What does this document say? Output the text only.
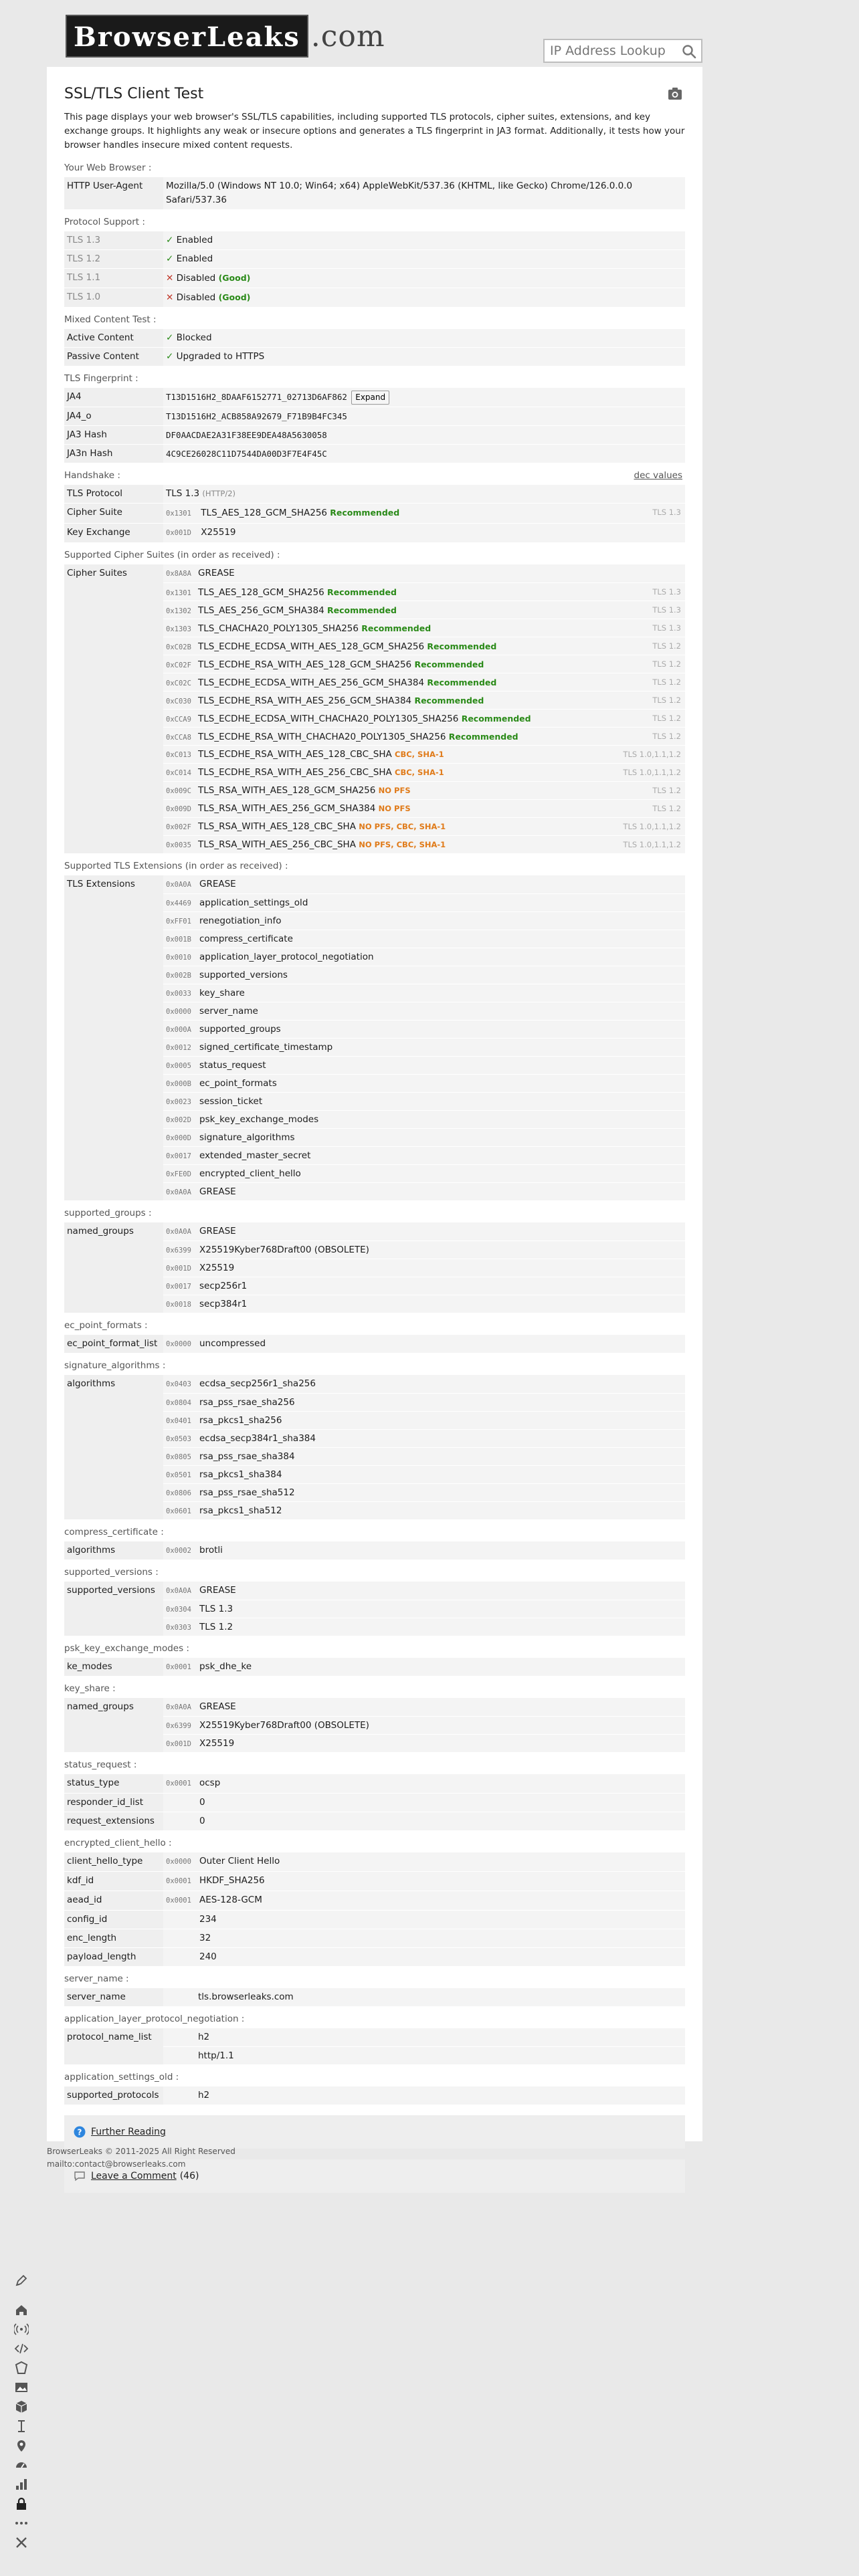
BrowserLeaks .com
IP Address Lookup
SSL/TLS Client Test

This page displays your web browser's SSL/TLS capabilities, including supported TLS protocols, cipher suites, extensions, and key exchange groups. It highlights any weak or insecure options and generates a TLS fingerprint in JA3 format. Additionally, it tests how your browser handles insecure mixed content requests.

Your Web Browser :
HTTP User-Agent	Mozilla/5.0 (Windows NT 10.0; Win64; x64) AppleWebKit/537.36 (KHTML, like Gecko) Chrome/126.0.0.0 Safari/537.36
Protocol Support :
TLS 1.3	✓ Enabled
TLS 1.2	✓ Enabled
TLS 1.1	✕ Disabled (Good)
TLS 1.0	✕ Disabled (Good)
Mixed Content Test :
Active Content	✓ Blocked
Passive Content	✓ Upgraded to HTTPS
TLS Fingerprint :
JA4	T13D1516H2_8DAAF6152771_02713D6AF862 Expand
JA4_o	T13D1516H2_ACB858A92679_F71B9B4FC345
JA3 Hash	DF0AACDAE2A31F38EE9DEA48A5630058
JA3n Hash	4C9CE26028C11D7544DA00D3F7E4F45C
Handshake :	dec values
TLS Protocol	TLS 1.3 (HTTP/2)
Cipher Suite	0x1301 TLS_AES_128_GCM_SHA256 Recommended	TLS 1.3
Key Exchange	0x001D X25519
Supported Cipher Suites (in order as received) :
Cipher Suites	0x8A8A GREASE
0x1301 TLS_AES_128_GCM_SHA256 Recommended	TLS 1.3
0x1302 TLS_AES_256_GCM_SHA384 Recommended	TLS 1.3
0x1303 TLS_CHACHA20_POLY1305_SHA256 Recommended	TLS 1.3
0xC02B TLS_ECDHE_ECDSA_WITH_AES_128_GCM_SHA256 Recommended	TLS 1.2
0xC02F TLS_ECDHE_RSA_WITH_AES_128_GCM_SHA256 Recommended	TLS 1.2
0xC02C TLS_ECDHE_ECDSA_WITH_AES_256_GCM_SHA384 Recommended	TLS 1.2
0xC030 TLS_ECDHE_RSA_WITH_AES_256_GCM_SHA384 Recommended	TLS 1.2
0xCCA9 TLS_ECDHE_ECDSA_WITH_CHACHA20_POLY1305_SHA256 Recommended	TLS 1.2
0xCCA8 TLS_ECDHE_RSA_WITH_CHACHA20_POLY1305_SHA256 Recommended	TLS 1.2
0xC013 TLS_ECDHE_RSA_WITH_AES_128_CBC_SHA CBC, SHA-1	TLS 1.0,1.1,1.2
0xC014 TLS_ECDHE_RSA_WITH_AES_256_CBC_SHA CBC, SHA-1	TLS 1.0,1.1,1.2
0x009C TLS_RSA_WITH_AES_128_GCM_SHA256 NO PFS	TLS 1.2
0x009D TLS_RSA_WITH_AES_256_GCM_SHA384 NO PFS	TLS 1.2
0x002F TLS_RSA_WITH_AES_128_CBC_SHA NO PFS, CBC, SHA-1	TLS 1.0,1.1,1.2
0x0035 TLS_RSA_WITH_AES_256_CBC_SHA NO PFS, CBC, SHA-1	TLS 1.0,1.1,1.2
Supported TLS Extensions (in order as received) :
TLS Extensions	0x0A0A GREASE
0x4469 application_settings_old
0xFF01 renegotiation_info
0x001B compress_certificate
0x0010 application_layer_protocol_negotiation
0x002B supported_versions
0x0033 key_share
0x0000 server_name
0x000A supported_groups
0x0012 signed_certificate_timestamp
0x0005 status_request
0x000B ec_point_formats
0x0023 session_ticket
0x002D psk_key_exchange_modes
0x000D signature_algorithms
0x0017 extended_master_secret
0xFE0D encrypted_client_hello
0x0A0A GREASE
supported_groups :
named_groups	0x0A0A GREASE
0x6399 X25519Kyber768Draft00 (OBSOLETE)
0x001D X25519
0x0017 secp256r1
0x0018 secp384r1
ec_point_formats :
ec_point_format_list	0x0000 uncompressed
signature_algorithms :
algorithms	0x0403 ecdsa_secp256r1_sha256
0x0804 rsa_pss_rsae_sha256
0x0401 rsa_pkcs1_sha256
0x0503 ecdsa_secp384r1_sha384
0x0805 rsa_pss_rsae_sha384
0x0501 rsa_pkcs1_sha384
0x0806 rsa_pss_rsae_sha512
0x0601 rsa_pkcs1_sha512
compress_certificate :
algorithms	0x0002 brotli
supported_versions :
supported_versions	0x0A0A GREASE
0x0304 TLS 1.3
0x0303 TLS 1.2
psk_key_exchange_modes :
ke_modes	0x0001 psk_dhe_ke
key_share :
named_groups	0x0A0A GREASE
0x6399 X25519Kyber768Draft00 (OBSOLETE)
0x001D X25519
status_request :
status_type	0x0001 ocsp
responder_id_list	0
request_extensions	0
encrypted_client_hello :
client_hello_type	0x0000 Outer Client Hello
kdf_id	0x0001 HKDF_SHA256
aead_id	0x0001 AES-128-GCM
config_id	234
enc_length	32
payload_length	240
server_name :
server_name	tls.browserleaks.com
application_layer_protocol_negotiation :
protocol_name_list	h2
http/1.1
application_settings_old :
supported_protocols	h2
? Further Reading
Leave a Comment (46)
BrowserLeaks © 2011-2025 All Right Reserved
mailto:contact@browserleaks.com
